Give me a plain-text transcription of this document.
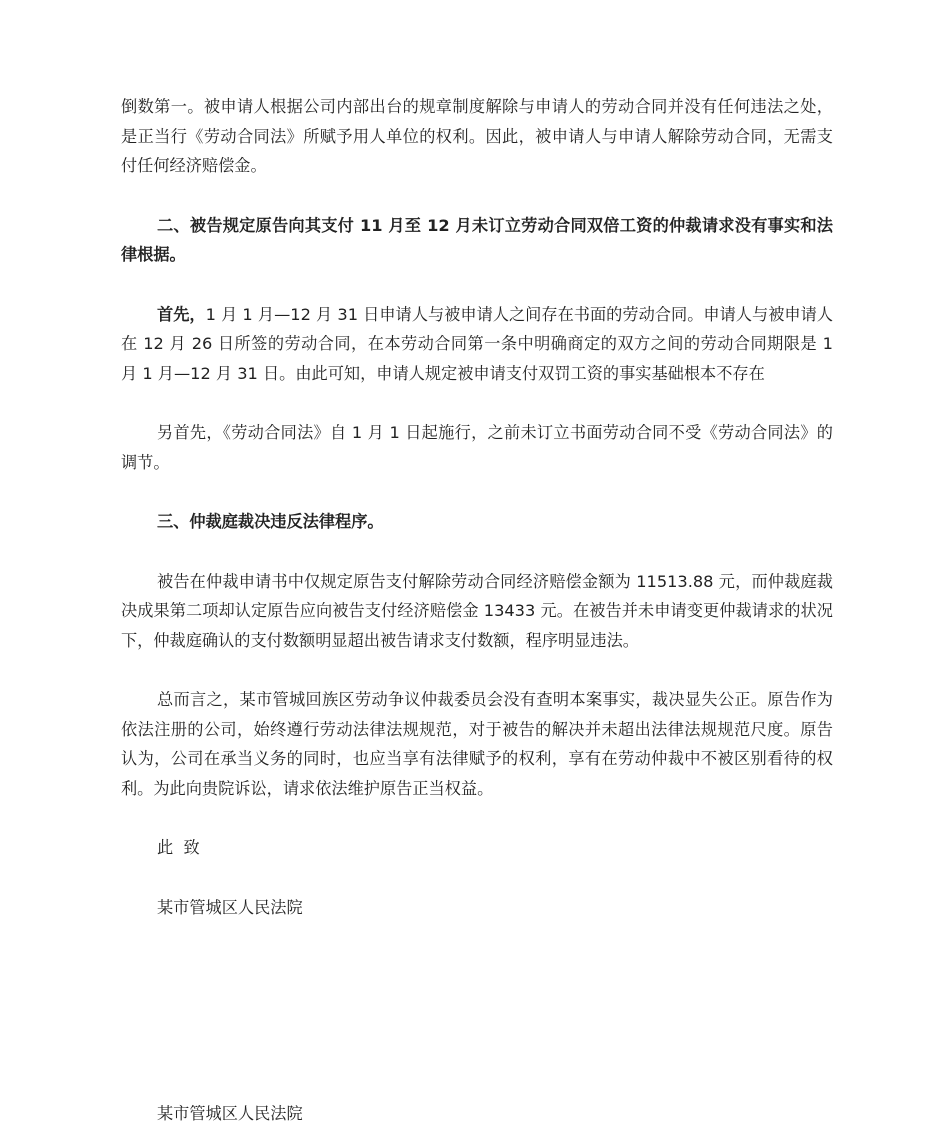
倒数第一。被申请人根据公司内部出台的规章制度解除与申请人的劳动合同并没有任何违法之处，是正当行《劳动合同法》所赋予用人单位的权利。因此，被申请人与申请人解除劳动合同，无需支付任何经济赔偿金。

二、被告规定原告向其支付 11 月至 12 月未订立劳动合同双倍工资的仲裁请求没有事实和法律根据。

首先，1 月 1 月—12 月 31 日申请人与被申请人之间存在书面的劳动合同。申请人与被申请人在 12 月 26 日所签的劳动合同，在本劳动合同第一条中明确商定的双方之间的劳动合同期限是 1 月 1 月—12 月 31 日。由此可知，申请人规定被申请支付双罚工资的事实基础根本不存在

另首先，《劳动合同法》自 1 月 1 日起施行，之前未订立书面劳动合同不受《劳动合同法》的调节。

三、仲裁庭裁决违反法律程序。

被告在仲裁申请书中仅规定原告支付解除劳动合同经济赔偿金额为 11513.88 元，而仲裁庭裁决成果第二项却认定原告应向被告支付经济赔偿金 13433 元。在被告并未申请变更仲裁请求的状况下，仲裁庭确认的支付数额明显超出被告请求支付数额，程序明显违法。

总而言之，某市管城回族区劳动争议仲裁委员会没有查明本案事实，裁决显失公正。原告作为依法注册的公司，始终遵行劳动法律法规规范，对于被告的解决并未超出法律法规规范尺度。原告认为，公司在承当义务的同时，也应当享有法律赋予的权利，享有在劳动仲裁中不被区别看待的权利。为此向贵院诉讼，请求依法维护原告正当权益。

此  致

某市管城区人民法院

某市管城区人民法院
